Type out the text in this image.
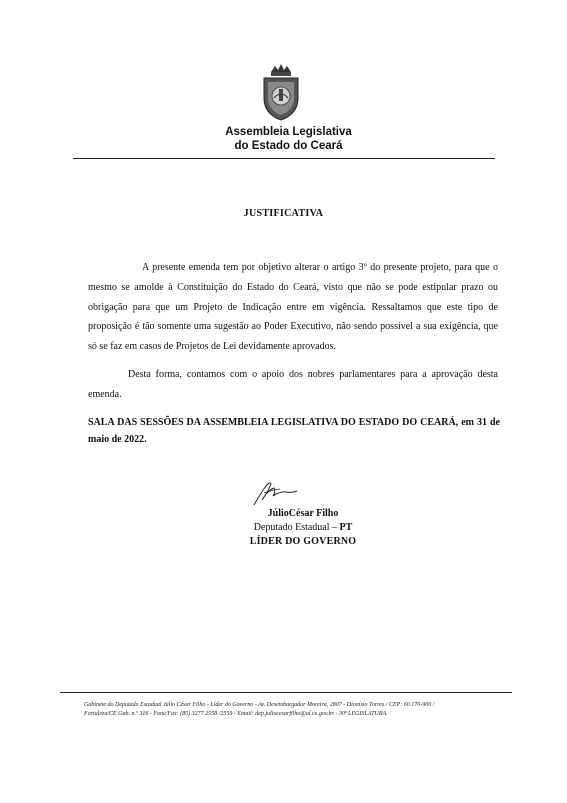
Assembleia Legislativa
do Estado do Ceará
JUSTIFICATIVA

A presente emenda tem por objetivo alterar o artigo 3º do presente projeto, para que o mesmo se amolde à Constituição do Estado do Ceará, visto que não se pode estipular prazo ou obrigação para que um Projeto de Indicação entre em vigência. Ressaltamos que este tipo de proposição é tão somente uma sugestão ao Poder Executivo, não sendo possível a sua exigência, que só se faz em casos de Projetos de Lei devidamente aprovados.

Desta forma, contamos com o apoio dos nobres parlamentares para a aprovação desta emenda.

SALA DAS SESSÕES DA ASSEMBLEIA LEGISLATIVA DO ESTADO DO CEARÁ, em 31 de maio de 2022.
JúlioCésar Filho
Deputado Estadual – PT
LÍDER DO GOVERNO
Gabinete do Deputado Estadual Júlio César Filho - Líder do Governo - Av. Desembargador Moreira, 2807 - Dionísio Torres / CEP: 60.170-900 /
Fortaleza/CE Gab. n.º 316 - Fone/Fax: (85) 3277.2558 /2559 - Email: dep.juliocesarfilho@al.ce.gov.br - 30ª LEGISLATURA.
